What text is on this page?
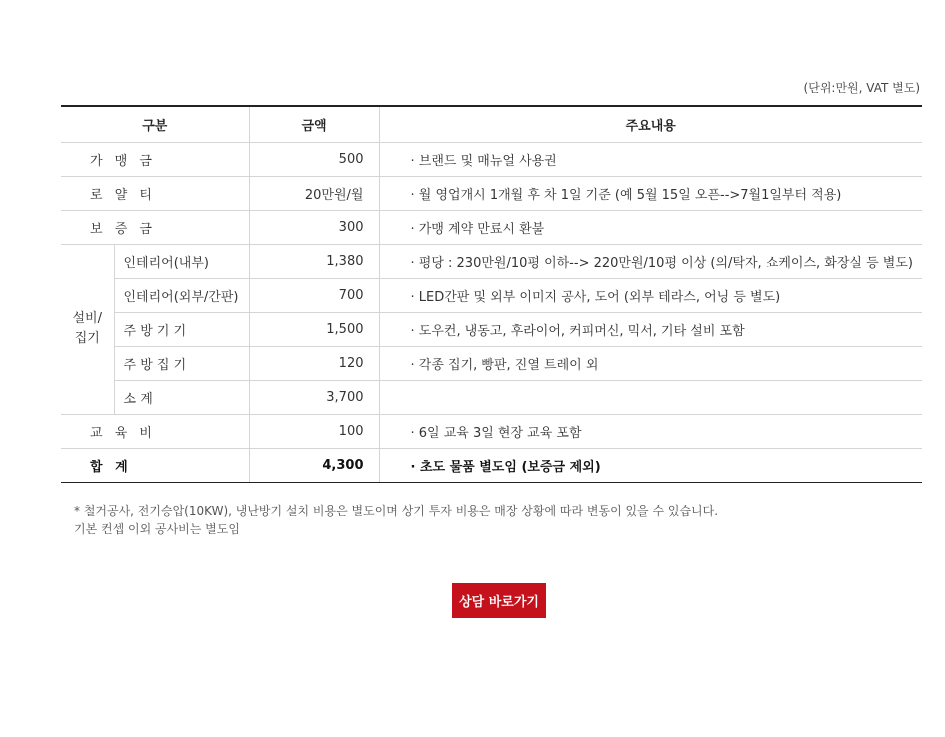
(단위:만원, VAT 별도)
구분		금액	주요내용
가 맹 금		500	· 브랜드 및 매뉴얼 사용권
로 얄 티		20만원/월	· 월 영업개시 1개월 후 차 1일 기준 (예 5월 15일 오픈-->7월1일부터 적용)
보 증 금		300	· 가맹 계약 만료시 환불
설비/
집기	인테리어(내부)	1,380	· 평당 : 230만원/10평 이하--> 220만원/10평 이상 (의/탁자, 쇼케이스, 화장실 등 별도)
	인테리어(외부/간판)	700	· LED간판 및 외부 이미지 공사, 도어 (외부 테라스, 어닝 등 별도)
	주 방 기 기	1,500	· 도우컨, 냉동고, 후라이어, 커피머신, 믹서, 기타 설비 포함
	주 방 집 기	120	· 각종 집기, 빵판, 진열 트레이 외
	소 계	3,700	
교 육 비		100	· 6일 교육 3일 현장 교육 포함
합 계		4,300	· 초도 물품 별도임 (보증금 제외)
* 철거공사, 전기승압(10KW), 냉난방기 설치 비용은 별도이며 상기 투자 비용은 매장 상황에 따라 변동이 있을 수 있습니다.
기본 컨셉 이외 공사비는 별도임
상담 바로가기
